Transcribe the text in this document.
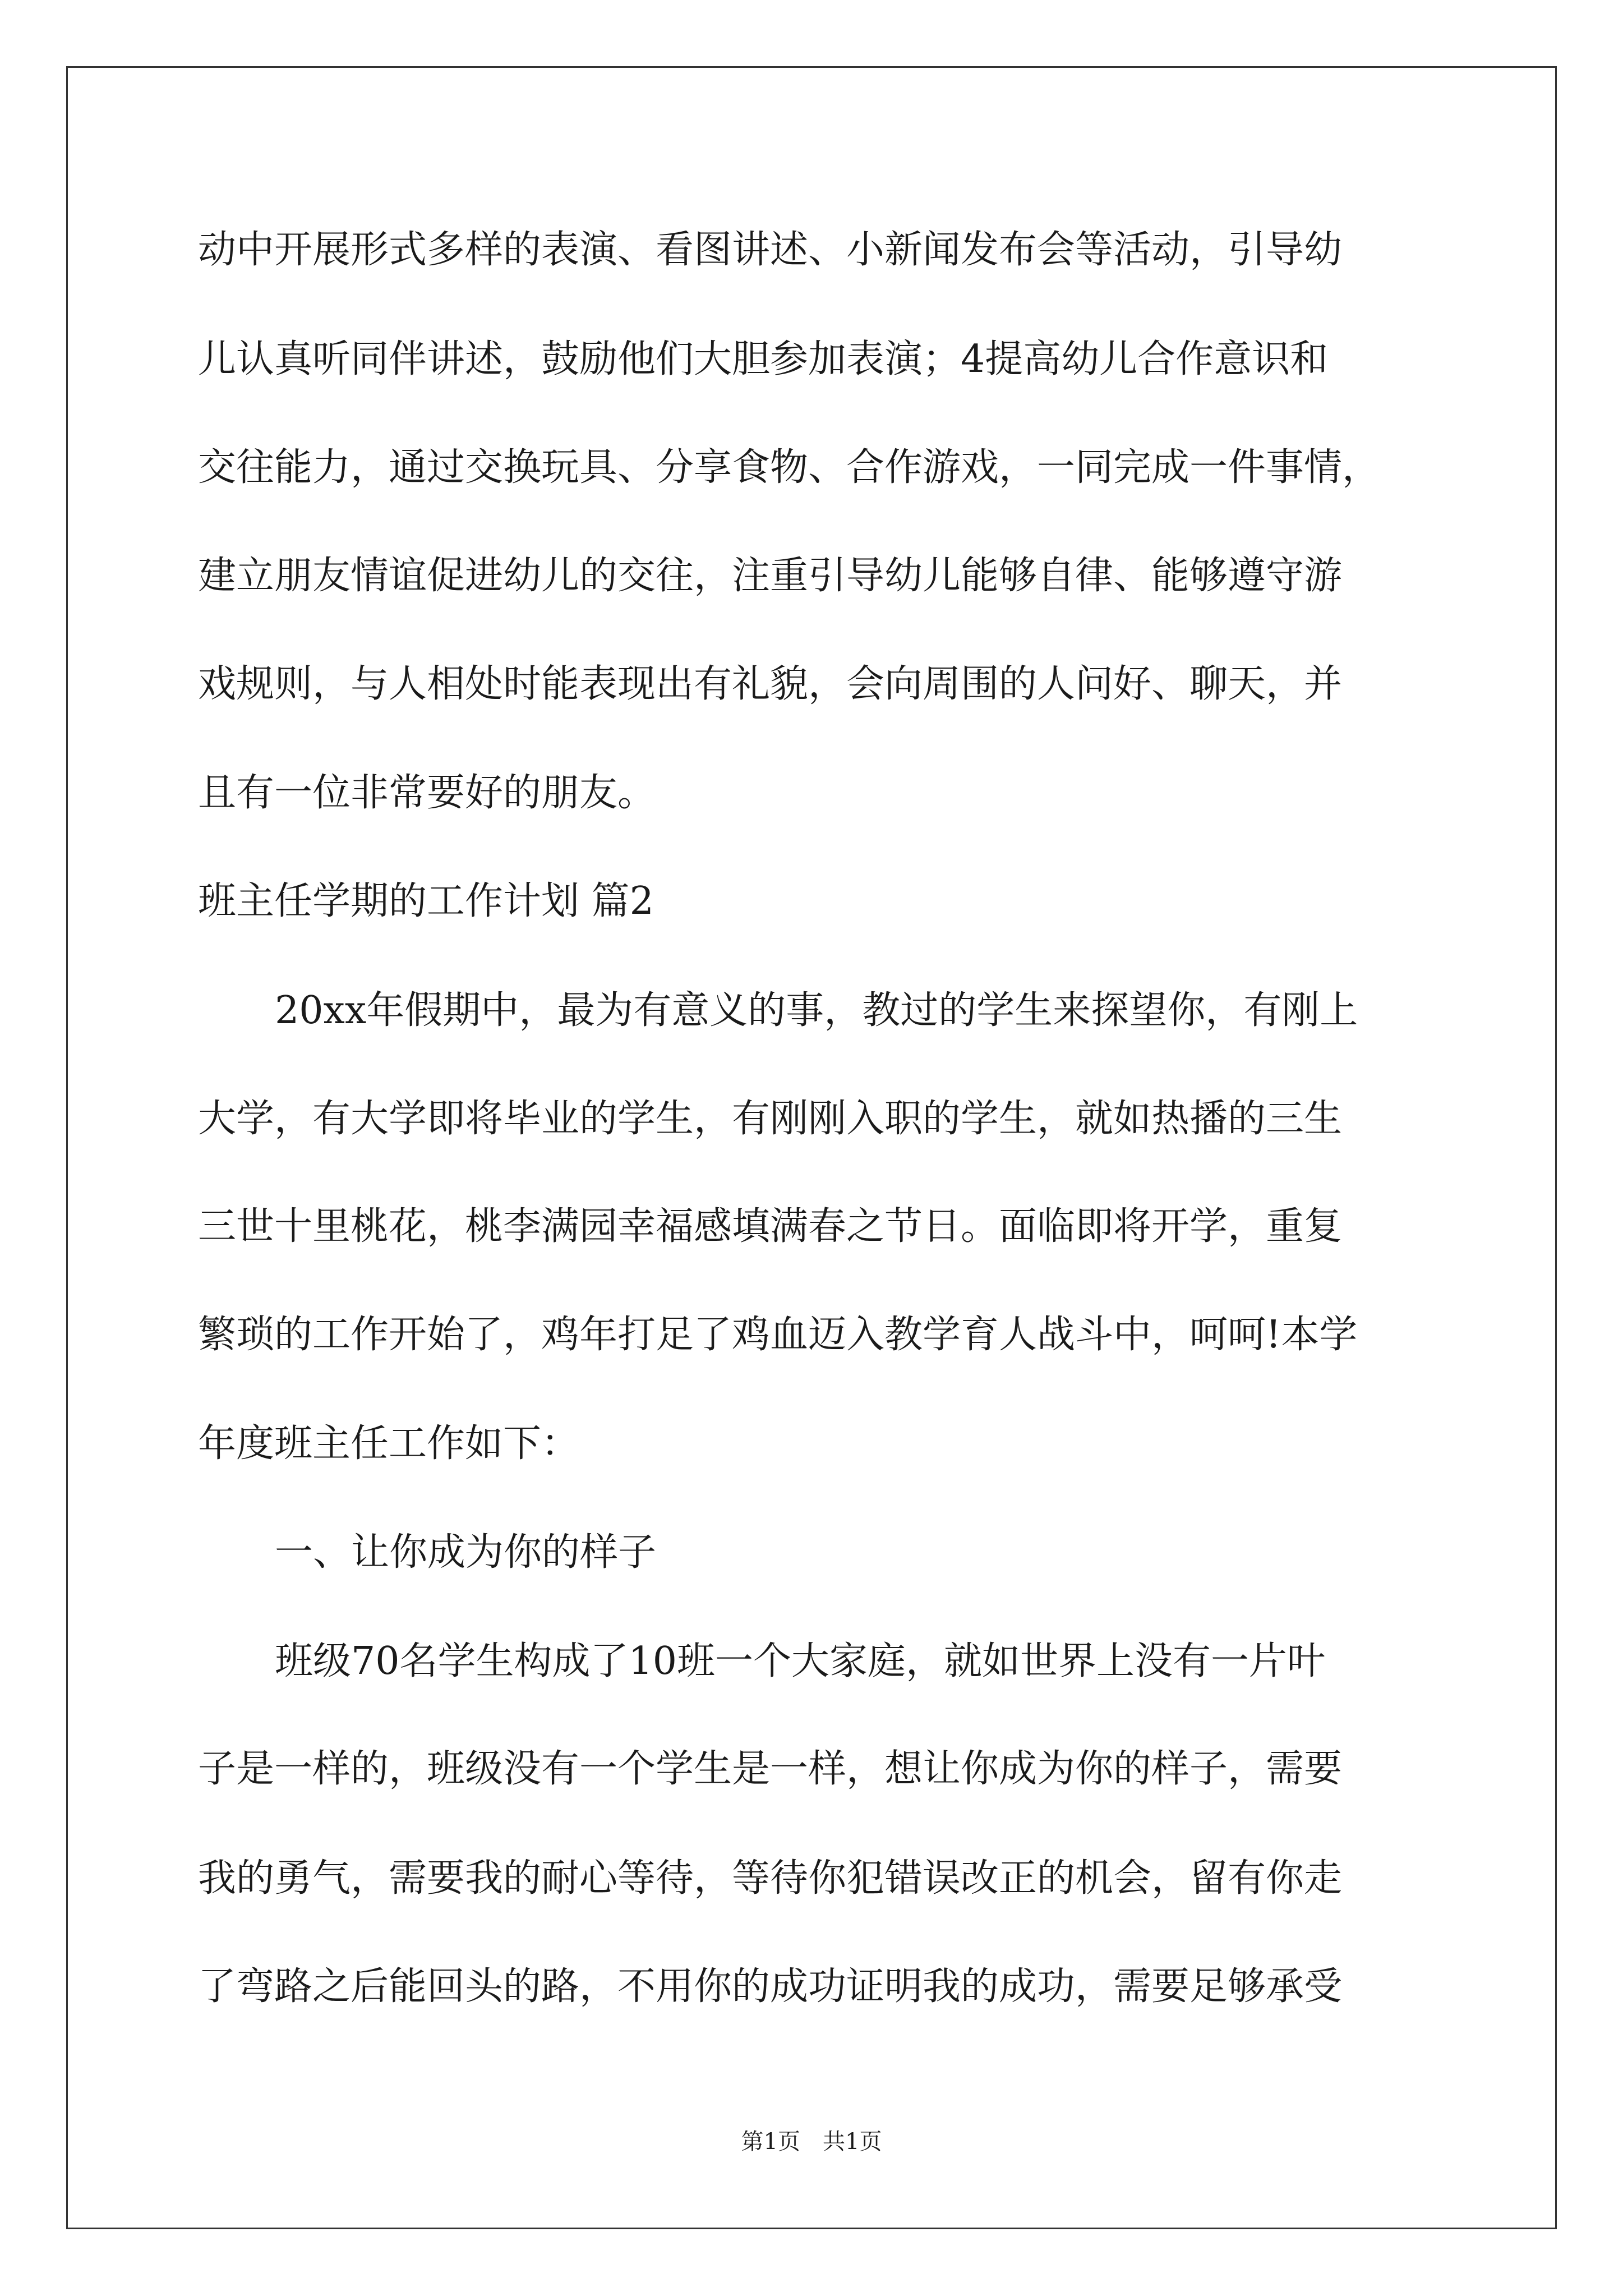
动中开展形式多样的表演、看图讲述、小新闻发布会等活动，引导幼
儿认真听同伴讲述，鼓励他们大胆参加表演；4提高幼儿合作意识和
交往能力，通过交换玩具、分享食物、合作游戏，一同完成一件事情，
建立朋友情谊促进幼儿的交往，注重引导幼儿能够自律、能够遵守游
戏规则，与人相处时能表现出有礼貌，会向周围的人问好、聊天，并
且有一位非常要好的朋友。
班主任学期的工作计划 篇2
20xx年假期中，最为有意义的事，教过的学生来探望你，有刚上
大学，有大学即将毕业的学生，有刚刚入职的学生，就如热播的三生
三世十里桃花，桃李满园幸福感填满春之节日。面临即将开学，重复
繁琐的工作开始了，鸡年打足了鸡血迈入教学育人战斗中，呵呵!本学
年度班主任工作如下：
一、让你成为你的样子
班级70名学生构成了10班一个大家庭，就如世界上没有一片叶
子是一样的，班级没有一个学生是一样，想让你成为你的样子，需要
我的勇气，需要我的耐心等待，等待你犯错误改正的机会，留有你走
了弯路之后能回头的路，不用你的成功证明我的成功，需要足够承受
第1页　共1页
